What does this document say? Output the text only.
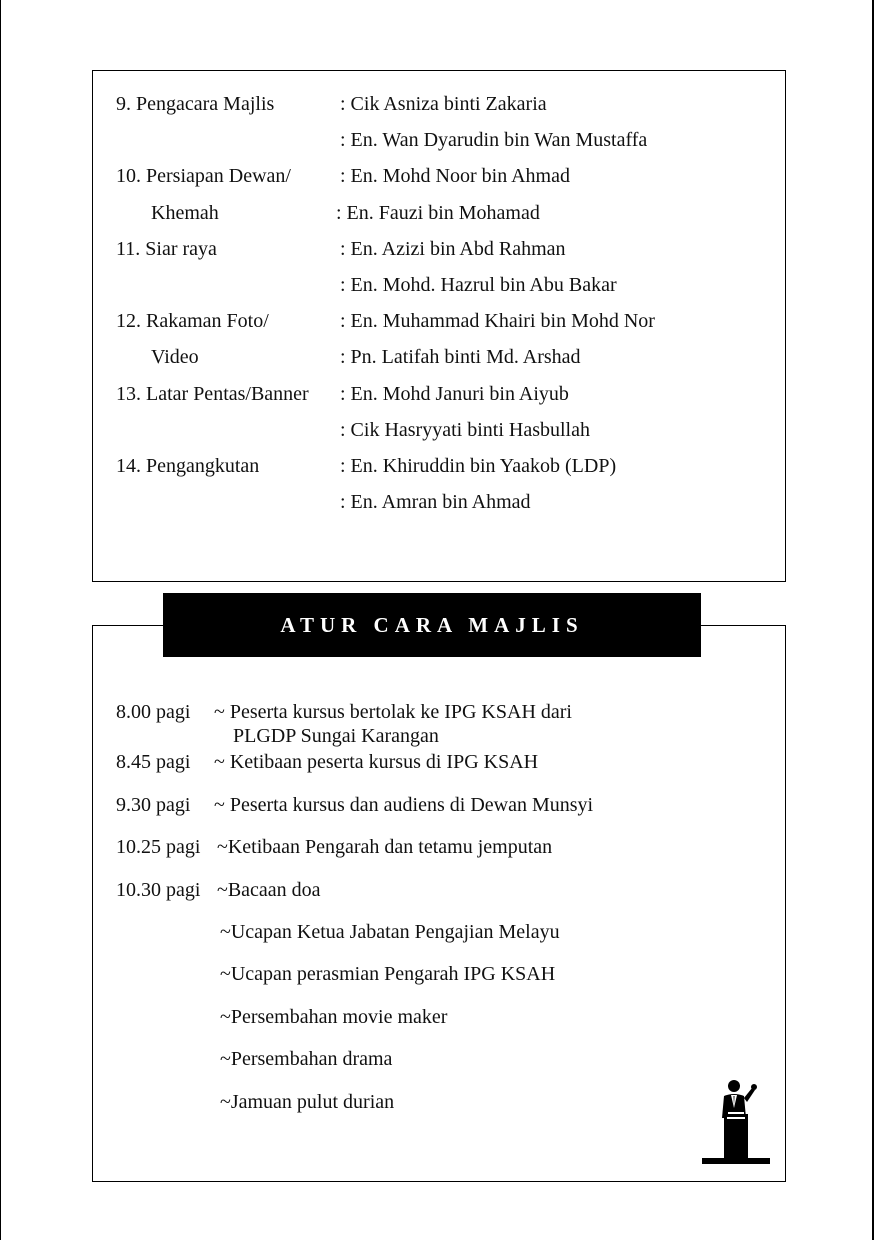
9. Pengacara Majlis	: Cik Asniza binti Zakaria
: En. Wan Dyarudin bin Wan Mustaffa
10. Persiapan Dewan/ : En. Mohd Noor bin Ahmad
Khemah	: En. Fauzi bin Mohamad
11. Siar raya	: En. Azizi bin Abd Rahman
: En. Mohd. Hazrul bin Abu Bakar
12. Rakaman Foto/	: En. Muhammad Khairi bin Mohd Nor
Video	: Pn. Latifah binti Md. Arshad
13. Latar Pentas/Banner : En. Mohd Januri bin Aiyub
: Cik Hasryyati binti Hasbullah
14. Pengangkutan	: En. Khiruddin bin Yaakob (LDP)
: En. Amran bin Ahmad
ATUR CARA MAJLIS
8.00 pagi ~ Peserta kursus bertolak ke IPG KSAH dari
PLGDP Sungai Karangan
8.45 pagi ~ Ketibaan peserta kursus di IPG KSAH
9.30 pagi ~ Peserta kursus dan audiens di Dewan Munsyi
10.25 pagi ~Ketibaan Pengarah dan tetamu jemputan
10.30 pagi ~Bacaan doa
~Ucapan Ketua Jabatan Pengajian Melayu
~Ucapan perasmian Pengarah IPG KSAH
~Persembahan movie maker
~Persembahan drama
~Jamuan pulut durian
